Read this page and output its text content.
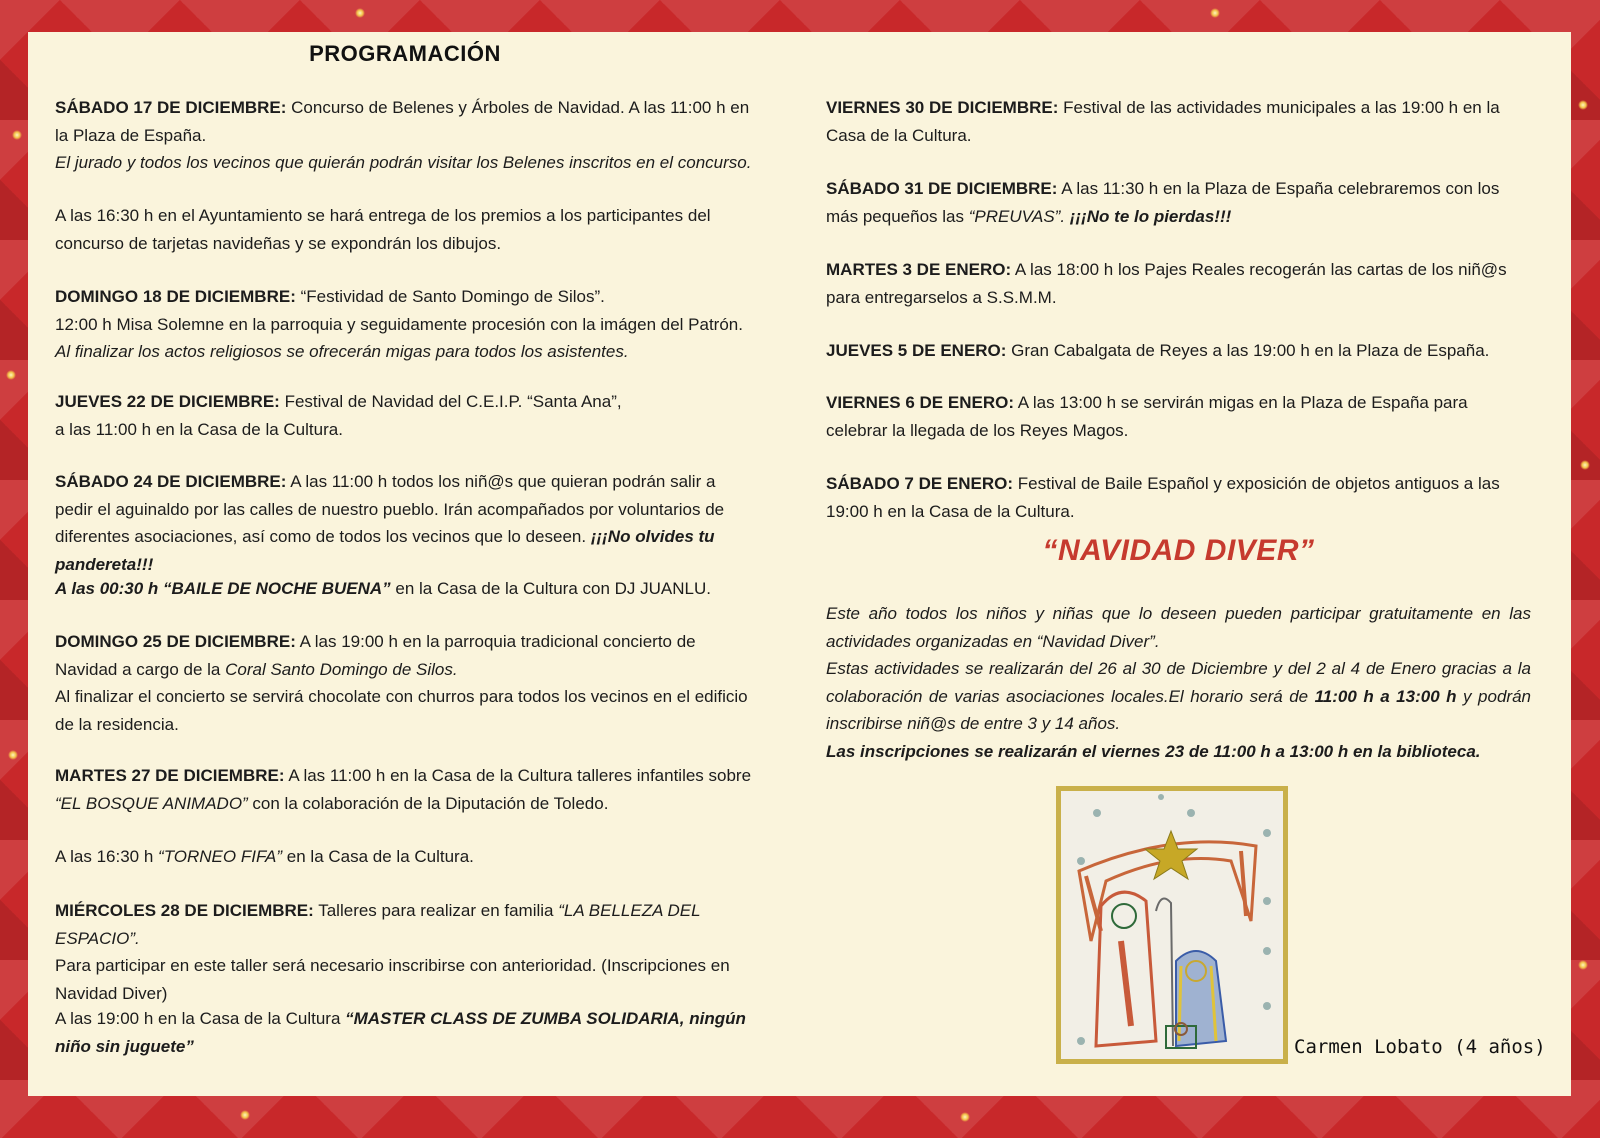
PROGRAMACIÓN

SÁBADO 17 DE DICIEMBRE: Concurso de Belenes y Árboles de Navidad. A las 11:00 h en la Plaza de España.
El jurado y todos los vecinos que quierán podrán visitar los Belenes inscritos en el concurso.

A las 16:30 h en el Ayuntamiento se hará entrega de los premios a los participantes del concurso de tarjetas navideñas y se expondrán los dibujos.

DOMINGO 18 DE DICIEMBRE: “Festividad de Santo Domingo de Silos”.
12:00 h Misa Solemne en la parroquia y seguidamente procesión con la imágen del Patrón.
Al finalizar los actos religiosos se ofrecerán migas para todos los asistentes.

JUEVES 22 DE DICIEMBRE: Festival de Navidad del C.E.I.P. “Santa Ana”,
a las 11:00 h en la Casa de la Cultura.

SÁBADO 24 DE DICIEMBRE: A las 11:00 h todos los niñ@s que quieran podrán salir a pedir el aguinaldo por las calles de nuestro pueblo. Irán acompañados por voluntarios de diferentes asociaciones, así como de todos los vecinos que lo deseen. ¡¡¡No olvides tu pandereta!!!

A las 00:30 h “BAILE DE NOCHE BUENA” en la Casa de la Cultura con DJ JUANLU.

DOMINGO 25 DE DICIEMBRE: A las 19:00 h en la parroquia tradicional concierto de Navidad a cargo de la Coral Santo Domingo de Silos.
Al finalizar el concierto se servirá chocolate con churros para todos los vecinos en el edificio de la residencia.

MARTES 27 DE DICIEMBRE: A las 11:00 h en la Casa de la Cultura talleres infantiles sobre “EL BOSQUE ANIMADO” con la colaboración de la Diputación de Toledo.

A las 16:30 h “TORNEO FIFA” en la Casa de la Cultura.

MIÉRCOLES 28 DE DICIEMBRE: Talleres para realizar en familia “LA BELLEZA DEL ESPACIO”.
Para participar en este taller será necesario inscribirse con anterioridad. (Inscripciones en Navidad Diver)

A las 19:00 h en la Casa de la Cultura “MASTER CLASS DE ZUMBA SOLIDARIA, ningún niño sin juguete”

VIERNES 30 DE DICIEMBRE: Festival de las actividades municipales a las 19:00 h en la Casa de la Cultura.

SÁBADO 31 DE DICIEMBRE: A las 11:30 h en la Plaza de España celebraremos con los más pequeños las “PREUVAS”. ¡¡¡No te lo pierdas!!!

MARTES 3 DE ENERO: A las 18:00 h los Pajes Reales recogerán las cartas de los niñ@s para entregarselos a S.S.M.M.

JUEVES 5 DE ENERO: Gran Cabalgata de Reyes a las 19:00 h en la Plaza de España.

VIERNES 6 DE ENERO: A las 13:00 h se servirán migas en la Plaza de España para celebrar la llegada de los Reyes Magos.

SÁBADO 7 DE ENERO: Festival de Baile Español y exposición de objetos antiguos a las 19:00 h en la Casa de la Cultura.

“NAVIDAD DIVER”

Este año todos los niños y niñas que lo deseen pueden participar gratuitamente en las actividades organizadas en “Navidad Diver”.

Estas actividades se realizarán del 26 al 30 de Diciembre y del 2 al 4 de Enero gracias a la colaboración de varias asociaciones locales.El horario será de 11:00 h a 13:00 h y podrán inscribirse niñ@s de entre 3 y 14 años.

Las inscripciones se realizarán el viernes 23 de 11:00 h a 13:00 h en la biblioteca.

Carmen Lobato (4 años)
